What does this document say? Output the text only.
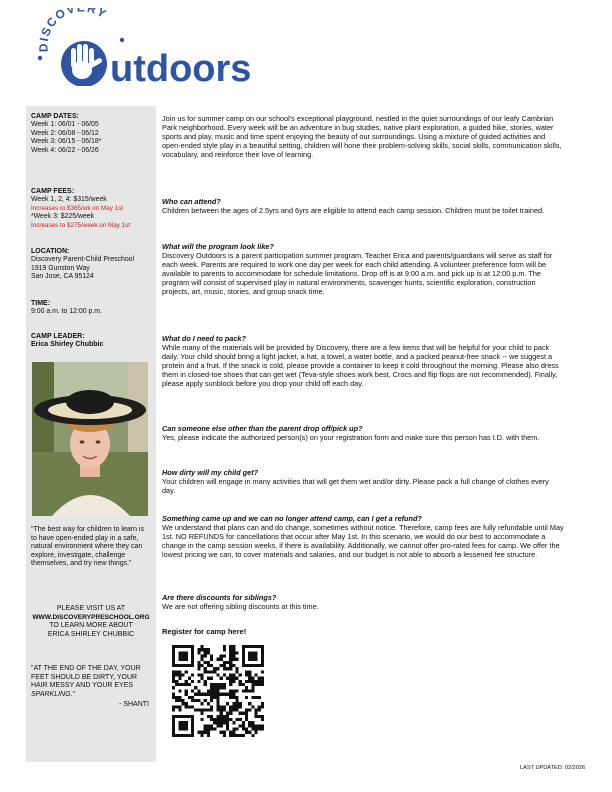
DISCOV RY
utdoors
CAMP DATES:
Week 1: 06/01 - 06/05
Week 2: 06/08 - 06/12
Week 3: 06/15 - 06/18*
Week 4: 06/22 - 06/26
CAMP FEES:
Week 1, 2, 4: $315/week
Increases to $365/wk on May 1st
*Week 3: $225/week
Increases to $275/week on May 1st
LOCATION:
Discovery Parent-Child Preschool
1919 Gunston Way
San Jose, CA 95124
TIME:
9:00 a.m. to 12:00 p.m.
CAMP LEADER:
Erica Shirley Chubbic
"The best way for children to learn is to have open-ended play in a safe, natural environment where they can explore, investigate, challenge themselves, and try new things."
PLEASE VISIT US AT
WWW.DISCOVERYPRESCHOOL.ORG
TO LEARN MORE ABOUT
ERICA SHIRLEY CHUBBIC
"AT THE END OF THE DAY, YOUR FEET SHOULD BE DIRTY, YOUR HAIR MESSY AND YOUR EYES SPARKLING."
- SHANTI

Join us for summer camp on our school's exceptional playground, nestled in the quiet surroundings of our leafy Cambrian Park neighborhood. Every week will be an adventure in bug studies, native plant exploration, a guided hike, stories, water sports and play, music and time spent enjoying the beauty of our surroundings. Using a mixture of guided activities and open-ended style play in a beautiful setting, children will hone their problem-solving skills, social skills, communication skills, vocabulary, and reinforce their love of learning.

Who can attend?

Children between the ages of 2.5yrs and 6yrs are eligible to attend each camp session. Children must be toilet trained.

What will the program look like?

Discovery Outdoors is a parent participation summer program. Teacher Erica and parents/guardians will serve as staff for each week. Parents are required to work one day per week for each child attending. A volunteer preference form will be available to parents to accommodate for schedule limitations. Drop off is at 9:00 a.m. and pick up is at 12:00 p.m. The program will consist of supervised play in natural environments, scavenger hunts, scientific exploration, construction projects, art, music, stories, and group snack time.

What do I need to pack?

While many of the materials will be provided by Discovery, there are a few items that will be helpful for your child to pack daily. Your child should bring a light jacket, a hat, a towel, a water bottle, and a packed peanut-free snack -- we suggest a protein and a fruit. If the snack is cold, please provide a container to keep it cold throughout the morning. Please also dress them in closed-toe shoes that can get wet (Teva-style shoes work best, Crocs and flip flops are not recommended). Finally, please apply sunblock before you drop your child off each day.

Can someone else other than the parent drop off/pick up?

Yes, please indicate the authorized person(s) on your registration form and make sure this person has I.D. with them.

How dirty will my child get?

Your children will engage in many activities that will get them wet and/or dirty. Please pack a full change of clothes every day.

Something came up and we can no longer attend camp, can I get a refund?

We understand that plans can and do change, sometimes without notice. Therefore, camp fees are fully refundable until May 1st. NO REFUNDS for cancellations that occur after May 1st. In this scenario, we would do our best to accommodate a change in the camp session weeks, if there is availability. Additionally, we cannot offer pro-rated fees for camp. We offer the lowest pricing we can, to cover materials and salaries, and our budget is not able to absorb a lessened fee structure.

Are there discounts for siblings?

We are not offering sibling discounts at this time.

Register for camp here!
LAST UPDATED: 02/2026
